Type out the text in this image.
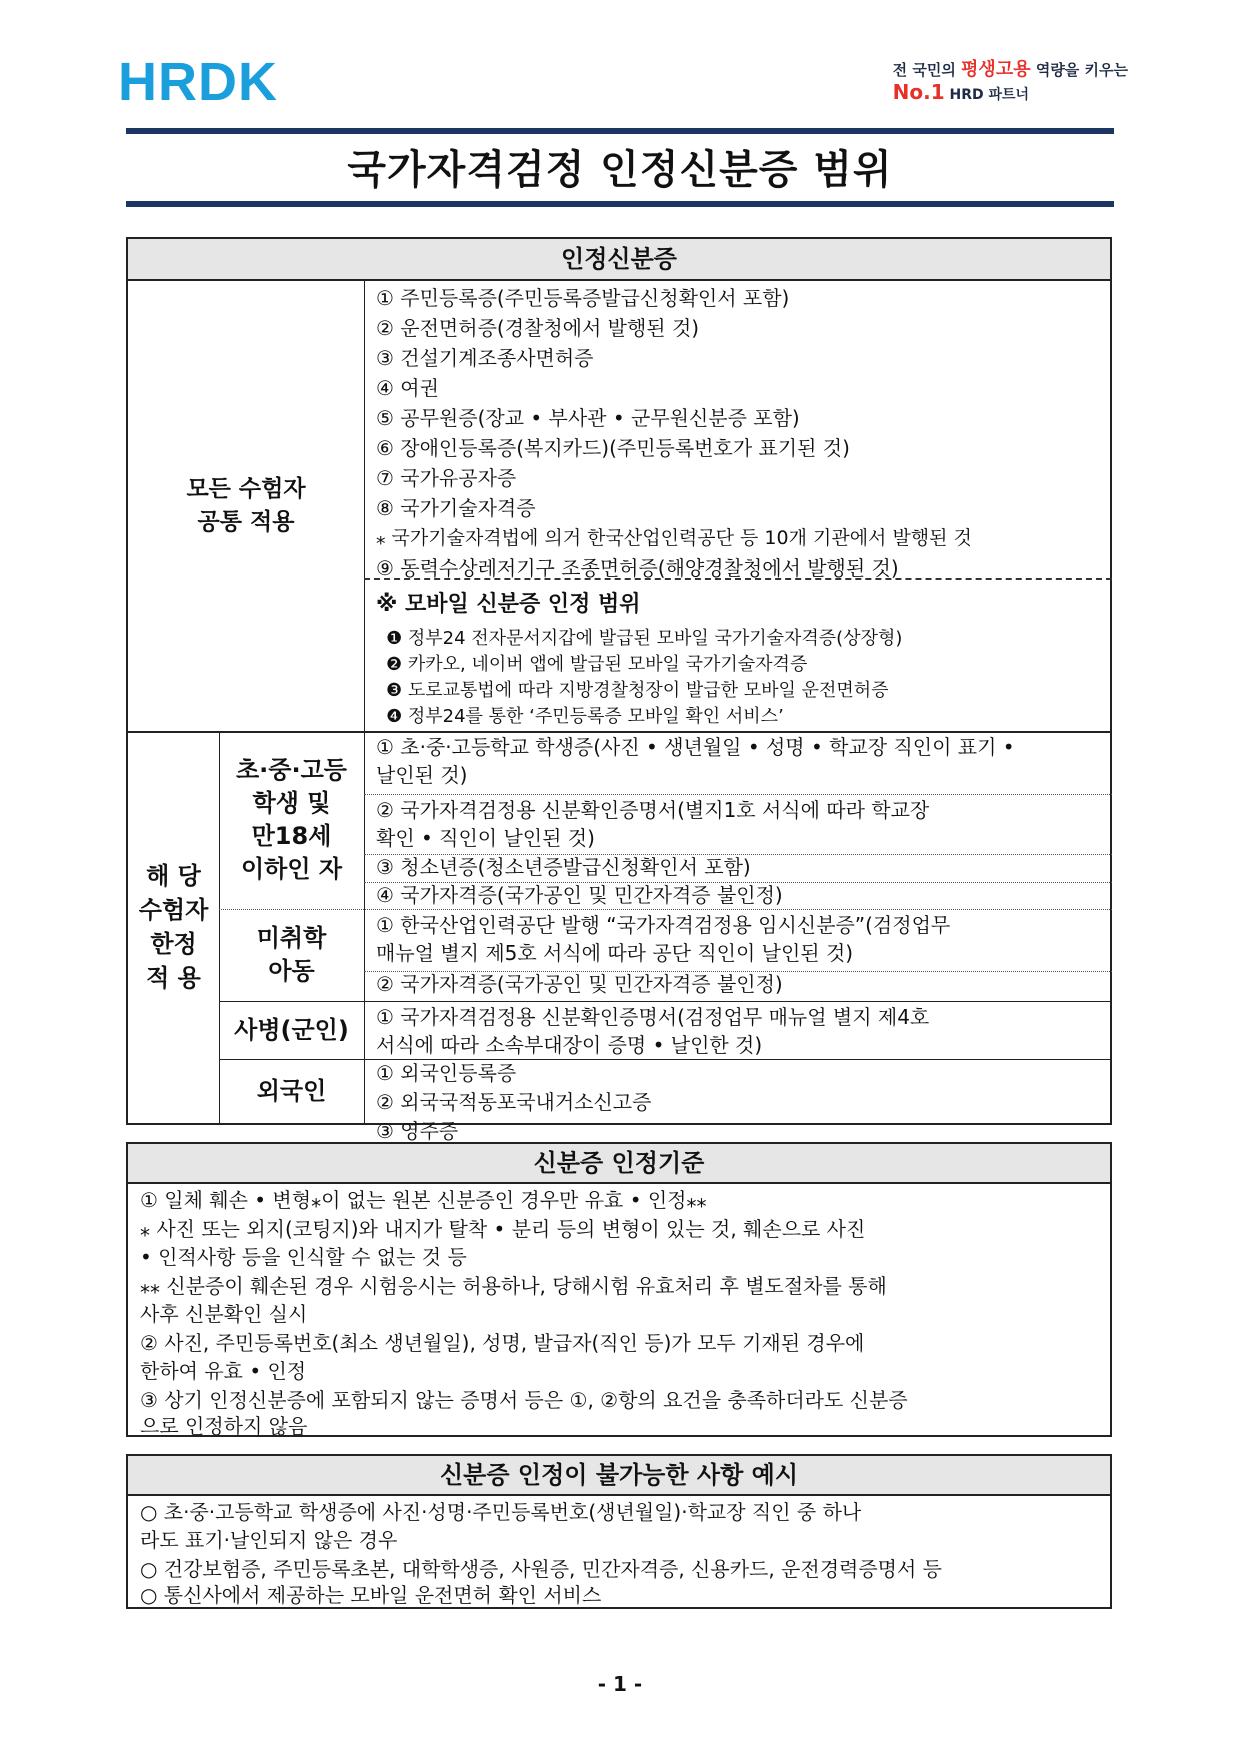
HRDK	전 국민의 평생고용 역량을 키우는
No.1 HRD 파트너
국가자격검정 인정신분증 범위
인정신분증
모든 수험자
공통 적용
① 주민등록증(주민등록증발급신청확인서 포함)
② 운전면허증(경찰청에서 발행된 것)
③ 건설기계조종사면허증
④ 여권
⑤ 공무원증(장교 • 부사관 • 군무원신분증 포함)
⑥ 장애인등록증(복지카드)(주민등록번호가 표기된 것)
⑦ 국가유공자증
⑧ 국가기술자격증
⁎ 국가기술자격법에 의거 한국산업인력공단 등 10개 기관에서 발행된 것
⑨ 동력수상레저기구 조종면허증(해양경찰청에서 발행된 것)
※ 모바일 신분증 인정 범위
❶ 정부24 전자문서지갑에 발급된 모바일 국가기술자격증(상장형)
❷ 카카오, 네이버 앱에 발급된 모바일 국가기술자격증
❸ 도로교통법에 따라 지방경찰청장이 발급한 모바일 운전면허증
❹ 정부24를 통한 ‘주민등록증 모바일 확인 서비스’
해 당
수험자
한정
적 용
초·중·고등
학생 및
만18세
이하인 자
① 초·중·고등학교 학생증(사진 • 생년월일 • 성명 • 학교장 직인이 표기 •
날인된 것)
② 국가자격검정용 신분확인증명서(별지1호 서식에 따라 학교장
확인 • 직인이 날인된 것)
③ 청소년증(청소년증발급신청확인서 포함)
④ 국가자격증(국가공인 및 민간자격증 불인정)
미취학
아동
① 한국산업인력공단 발행 “국가자격검정용 임시신분증”(검정업무
매뉴얼 별지 제5호 서식에 따라 공단 직인이 날인된 것)
② 국가자격증(국가공인 및 민간자격증 불인정)
사병(군인) ① 국가자격검정용 신분확인증명서(검정업무 매뉴얼 별지 제4호
서식에 따라 소속부대장이 증명 • 날인한 것)
외국인
① 외국인등록증
② 외국국적동포국내거소신고증
③ 영주증
신분증 인정기준
① 일체 훼손 • 변형⁎이 없는 원본 신분증인 경우만 유효 • 인정⁎⁎
⁎ 사진 또는 외지(코팅지)와 내지가 탈착 • 분리 등의 변형이 있는 것, 훼손으로 사진
• 인적사항 등을 인식할 수 없는 것 등
⁎⁎ 신분증이 훼손된 경우 시험응시는 허용하나, 당해시험 유효처리 후 별도절차를 통해
사후 신분확인 실시
② 사진, 주민등록번호(최소 생년월일), 성명, 발급자(직인 등)가 모두 기재된 경우에
한하여 유효 • 인정
③ 상기 인정신분증에 포함되지 않는 증명서 등은 ①, ②항의 요건을 충족하더라도 신분증
으로 인정하지 않음
신분증 인정이 불가능한 사항 예시
○ 초·중·고등학교 학생증에 사진·성명·주민등록번호(생년월일)·학교장 직인 중 하나
라도 표기·날인되지 않은 경우
○ 건강보험증, 주민등록초본, 대학학생증, 사원증, 민간자격증, 신용카드, 운전경력증명서 등
○ 통신사에서 제공하는 모바일 운전면허 확인 서비스
- 1 -
